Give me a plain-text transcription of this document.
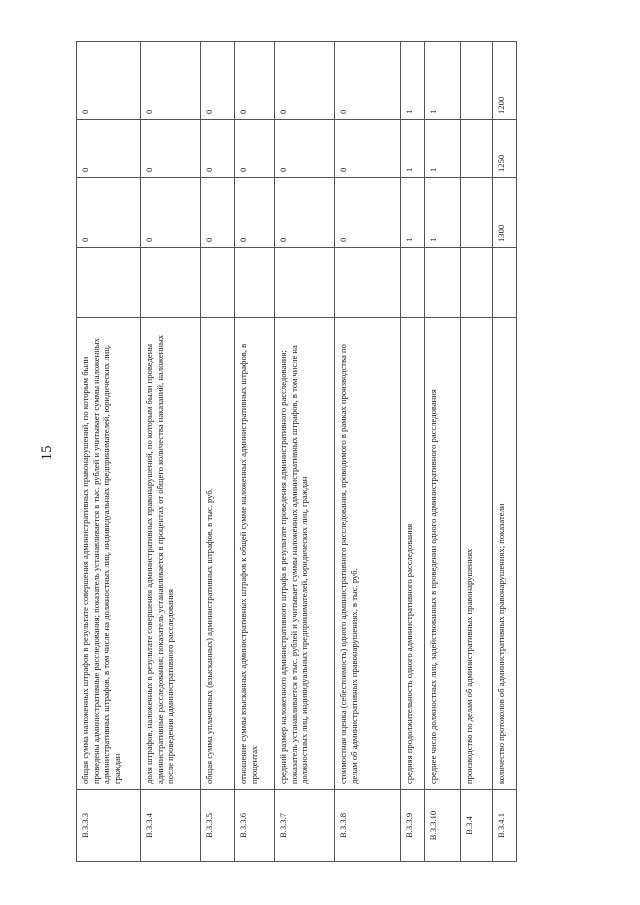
15
В.3.3.3	общая сумма наложенных штрафов в результате совершения административных правонарушений, по которым были проведены административные расследования; показатель устанавливается в тыс. рублей и учитывает суммы наложенных административных штрафов, в том числе на должностных лиц, индивидуальных предпринимателей, юридических лиц, граждан		0	0	0
В.3.3.4	доля штрафов, наложенных в результате совершения административных правонарушений, по которым были проведены административные расследования; показатель устанавливается в процентах от общего количества наказаний, наложенных после проведения административного расследования		0	0	0
В.3.3.5	общая сумма уплаченных (взысканных) административных штрафов, в тыс. руб.		0	0	0
В.3.3.6	отношение суммы взысканных административных штрафов к общей сумме наложенных административных штрафов, в процентах		0	0	0
В.3.3.7	средний размер наложенного административного штрафа в результате проведения административного расследования; показатель устанавливается в тыс. рублей и учитывает суммы наложенных административных штрафов, в том числе на должностных лиц, индивидуальных предпринимателей, юридических лиц, граждан		0	0	0
В.3.3.8	стоимостная оценка (себестоимость) одного административного расследования, проводимого в рамках производства по делам об административных правонарушениях, в тыс. руб.		0	0	0
В.3.3.9	средняя продолжительность одного административного расследования		1	1	1
В.3.3.10	среднее число должностных лиц, задействованных в проведении одного административного расследования		1	1	1
В.3.4	производство по делам об административных правонарушениях				
В.3.4.1	количество протоколов об административных правонарушениях; показатели		1300	1250	1200
